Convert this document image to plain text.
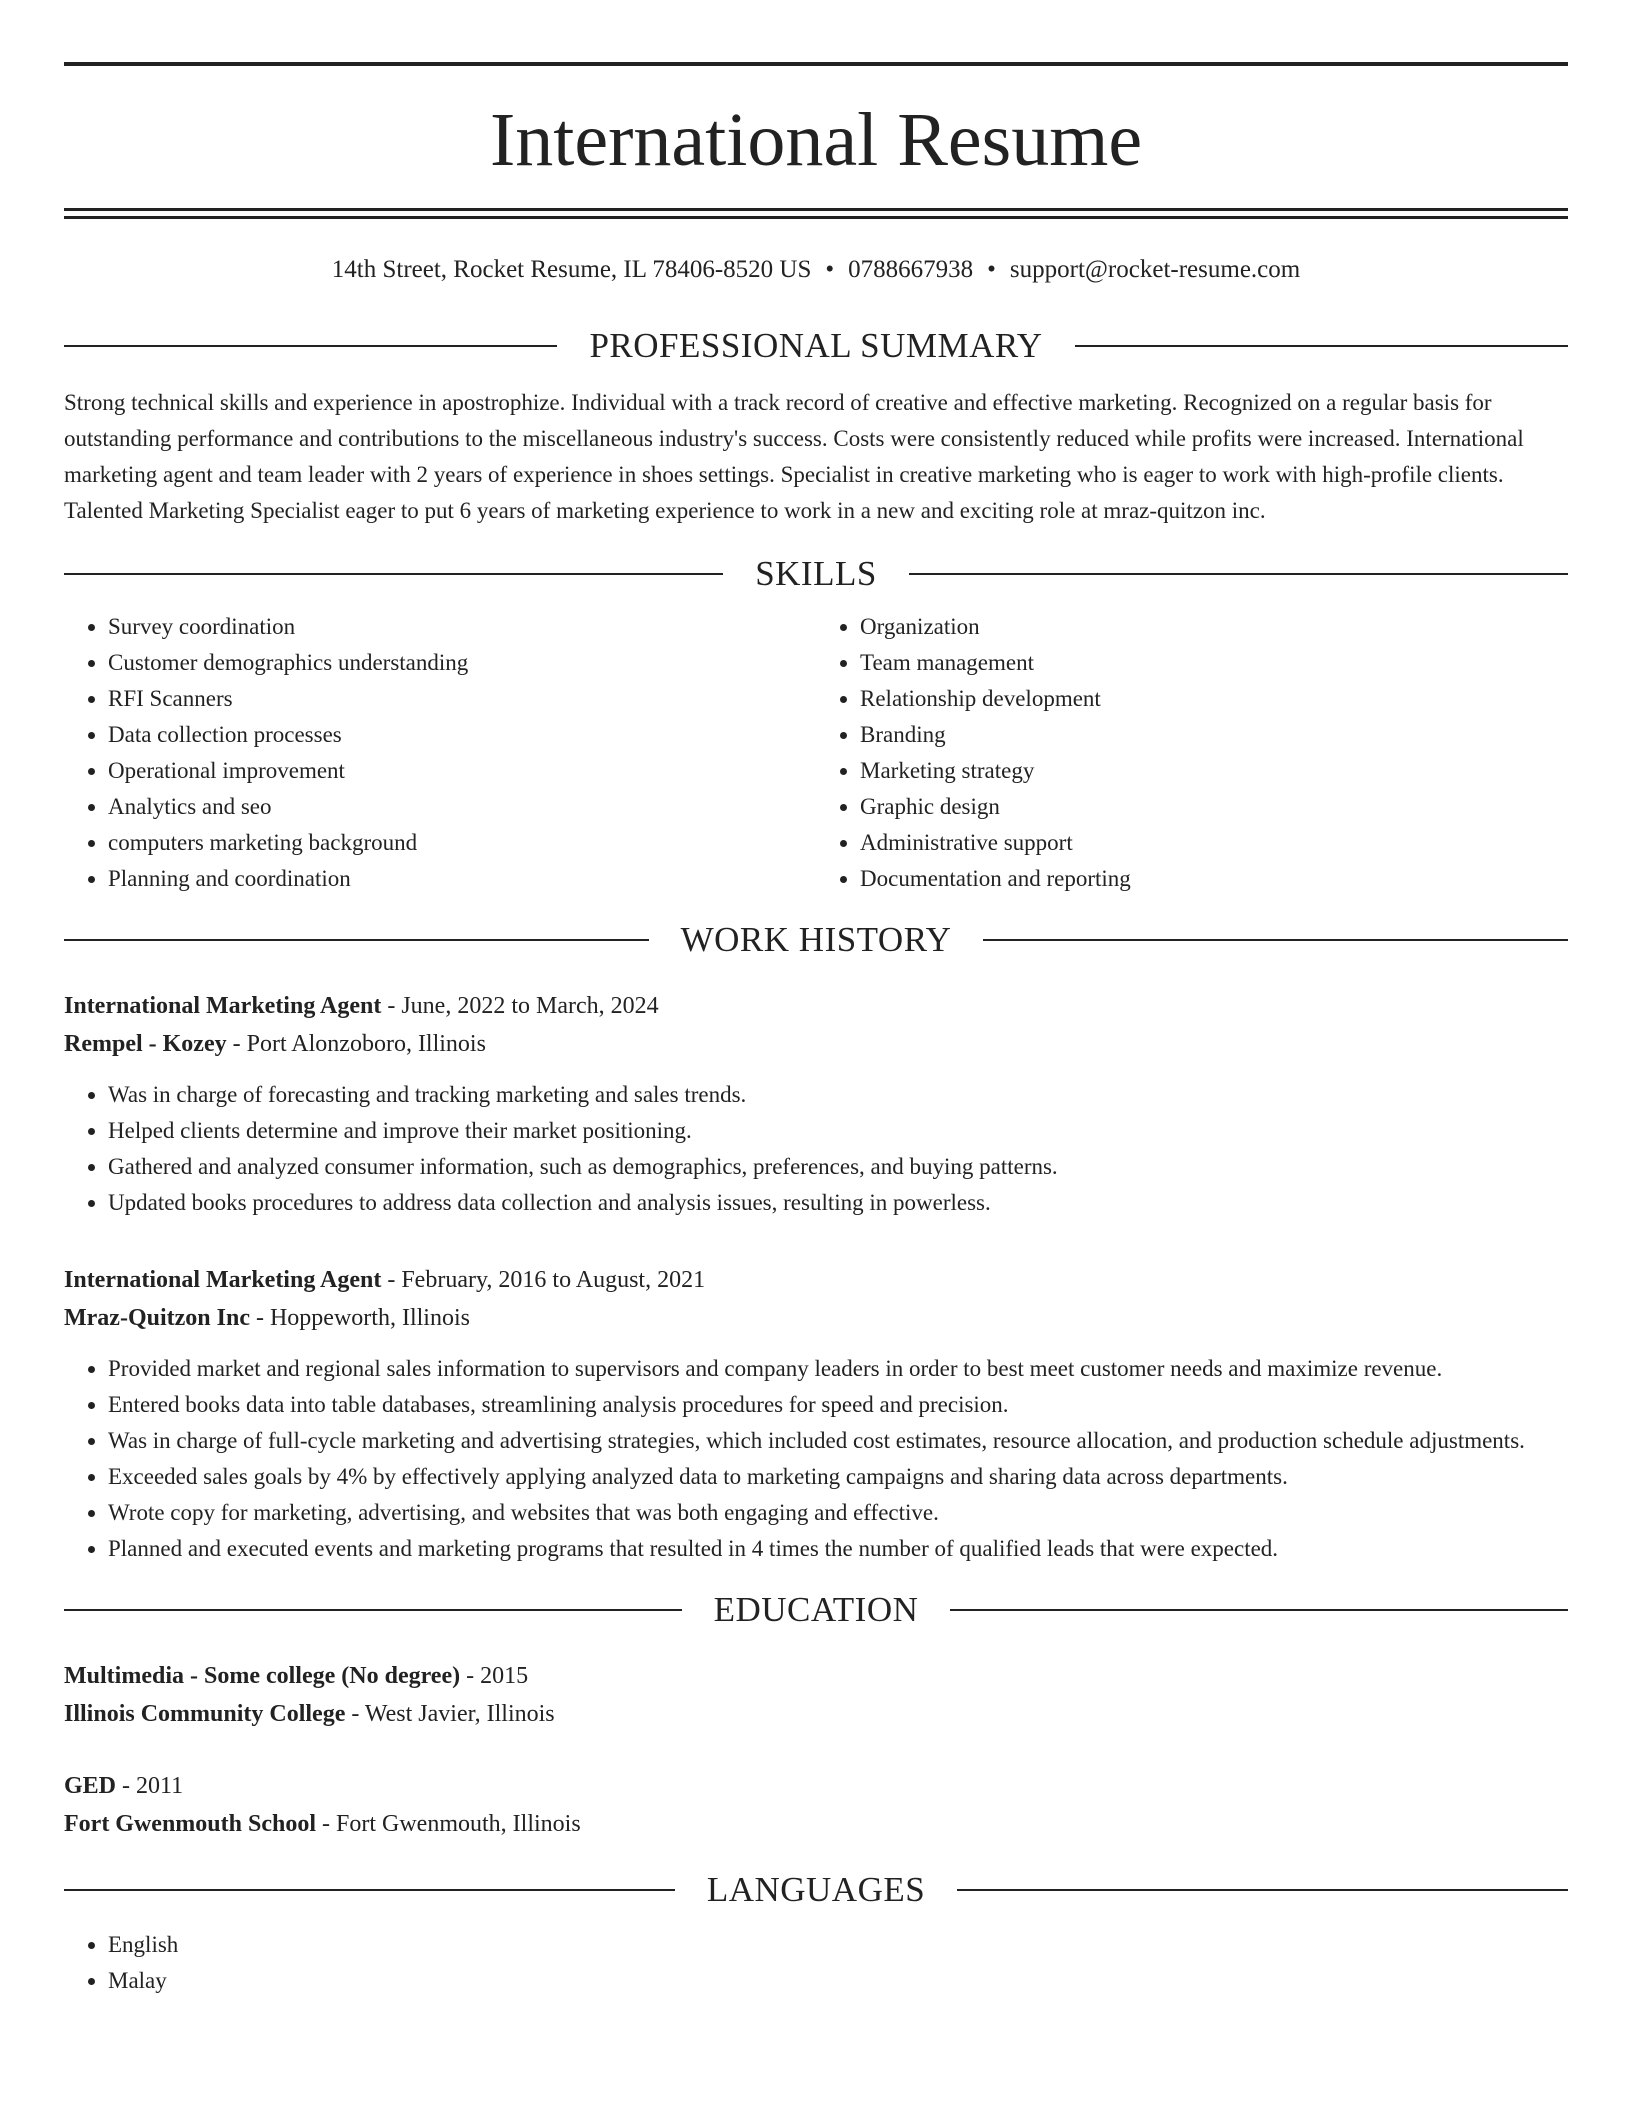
International Resume
14th Street, Rocket Resume, IL 78406-8520 US • 0788667938 • support@rocket-resume.com
PROFESSIONAL SUMMARY

Strong technical skills and experience in apostrophize. Individual with a track record of creative and effective marketing. Recognized on a regular basis for outstanding performance and contributions to the miscellaneous industry's success. Costs were consistently reduced while profits were increased. International marketing agent and team leader with 2 years of experience in shoes settings. Specialist in creative marketing who is eager to work with high-profile clients. Talented Marketing Specialist eager to put 6 years of marketing experience to work in a new and exciting role at mraz-quitzon inc.

SKILLS
• Survey coordination
• Customer demographics understanding
• RFI Scanners
• Data collection processes
• Operational improvement
• Analytics and seo
• computers marketing background
• Planning and coordination
• Organization
• Team management
• Relationship development
• Branding
• Marketing strategy
• Graphic design
• Administrative support
• Documentation and reporting
WORK HISTORY
International Marketing Agent - June, 2022 to March, 2024
Rempel - Kozey - Port Alonzoboro, Illinois
• Was in charge of forecasting and tracking marketing and sales trends.
• Helped clients determine and improve their market positioning.
• Gathered and analyzed consumer information, such as demographics, preferences, and buying patterns.
• Updated books procedures to address data collection and analysis issues, resulting in powerless.
International Marketing Agent - February, 2016 to August, 2021
Mraz-Quitzon Inc - Hoppeworth, Illinois
• Provided market and regional sales information to supervisors and company leaders in order to best meet customer needs and maximize revenue.
• Entered books data into table databases, streamlining analysis procedures for speed and precision.
• Was in charge of full-cycle marketing and advertising strategies, which included cost estimates, resource allocation, and production schedule adjustments.
• Exceeded sales goals by 4% by effectively applying analyzed data to marketing campaigns and sharing data across departments.
• Wrote copy for marketing, advertising, and websites that was both engaging and effective.
• Planned and executed events and marketing programs that resulted in 4 times the number of qualified leads that were expected.
EDUCATION
Multimedia - Some college (No degree) - 2015
Illinois Community College - West Javier, Illinois
GED - 2011
Fort Gwenmouth School - Fort Gwenmouth, Illinois
LANGUAGES
• English
• Malay
